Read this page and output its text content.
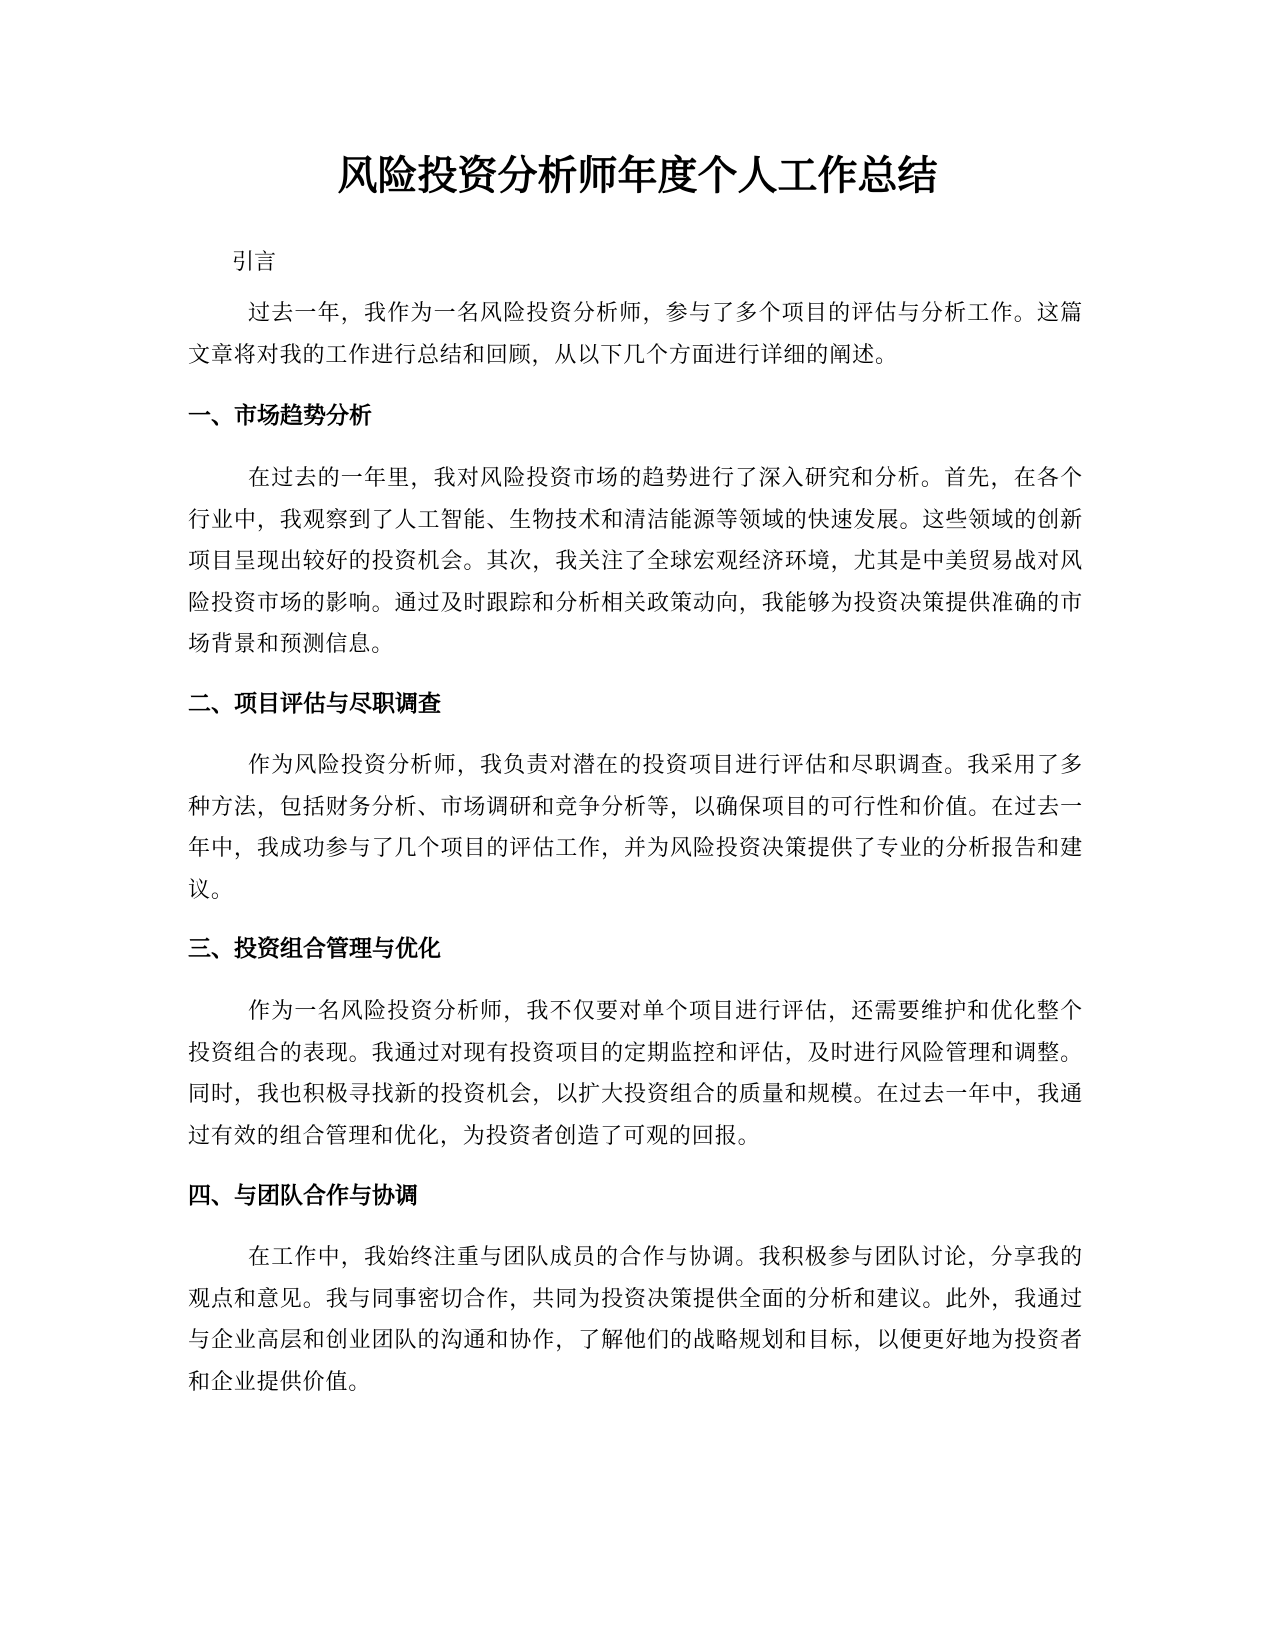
风险投资分析师年度个人工作总结

引言

过去一年，我作为一名风险投资分析师，参与了多个项目的评估与分析工作。这篇文章将对我的工作进行总结和回顾，从以下几个方面进行详细的阐述。

一、市场趋势分析

在过去的一年里，我对风险投资市场的趋势进行了深入研究和分析。首先，在各个行业中，我观察到了人工智能、生物技术和清洁能源等领域的快速发展。这些领域的创新项目呈现出较好的投资机会。其次，我关注了全球宏观经济环境，尤其是中美贸易战对风险投资市场的影响。通过及时跟踪和分析相关政策动向，我能够为投资决策提供准确的市场背景和预测信息。

二、项目评估与尽职调查

作为风险投资分析师，我负责对潜在的投资项目进行评估和尽职调查。我采用了多种方法，包括财务分析、市场调研和竞争分析等，以确保项目的可行性和价值。在过去一年中，我成功参与了几个项目的评估工作，并为风险投资决策提供了专业的分析报告和建议。

三、投资组合管理与优化

作为一名风险投资分析师，我不仅要对单个项目进行评估，还需要维护和优化整个投资组合的表现。我通过对现有投资项目的定期监控和评估，及时进行风险管理和调整。同时，我也积极寻找新的投资机会，以扩大投资组合的质量和规模。在过去一年中，我通过有效的组合管理和优化，为投资者创造了可观的回报。

四、与团队合作与协调

在工作中，我始终注重与团队成员的合作与协调。我积极参与团队讨论，分享我的观点和意见。我与同事密切合作，共同为投资决策提供全面的分析和建议。此外，我通过与企业高层和创业团队的沟通和协作，了解他们的战略规划和目标，以便更好地为投资者和企业提供价值。
